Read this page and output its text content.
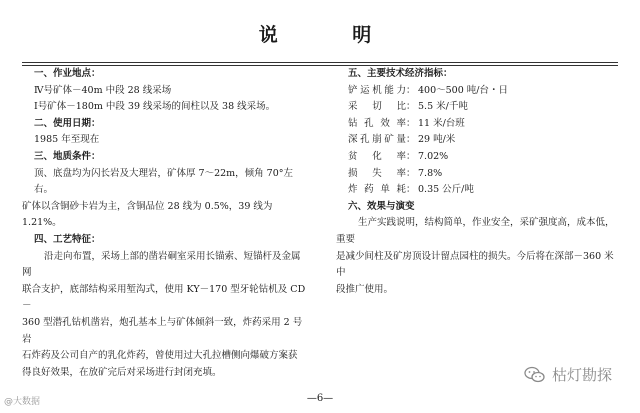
说 明
一、作业地点：
Ⅳ号矿体－40m 中段 28 线采场
Ⅰ号矿体－180m 中段 39 线采场的间柱以及 38 线采场。
二、使用日期：
1985 年至现在
三、地质条件：
顶、底盘均为闪长岩及大理岩，矿体厚 7～22m，倾角 70°左右。
矿体以含铜砂卡岩为主，含铜品位 28 线为 0.5%，39 线为 1.21%。
四、工艺特征：
沿走向布置，采场上部的凿岩硐室采用长锚索、短锚杆及金属网
联合支护，底部结构采用堑沟式，使用 KY－170 型牙轮钻机及 CD－
360 型潜孔钻机凿岩，炮孔基本上与矿体倾斜一致，炸药采用 2 号岩
石炸药及公司自产的乳化炸药，曾使用过大孔拉槽侧向爆破方案获
得良好效果，在放矿完后对采场进行封闭充填。
五、主要技术经济指标：
铲运机能力 ： 400～500 吨/台・日
采切比 ： 5.5 米/千吨
钻孔效率 ： 11 米/台班
深孔崩矿量 ： 29 吨/米
贫化率 ： 7.02%
损失率 ： 7.8%
炸药单耗 ： 0.35 公斤/吨
六、效果与演变
生产实践说明，结构简单，作业安全，采矿强度高，成本低，重要
是减少间柱及矿房顶设计留点园柱的损失。今后将在深部－360 米中
段推广使用。
—6—
@大数据
枯灯勘探
